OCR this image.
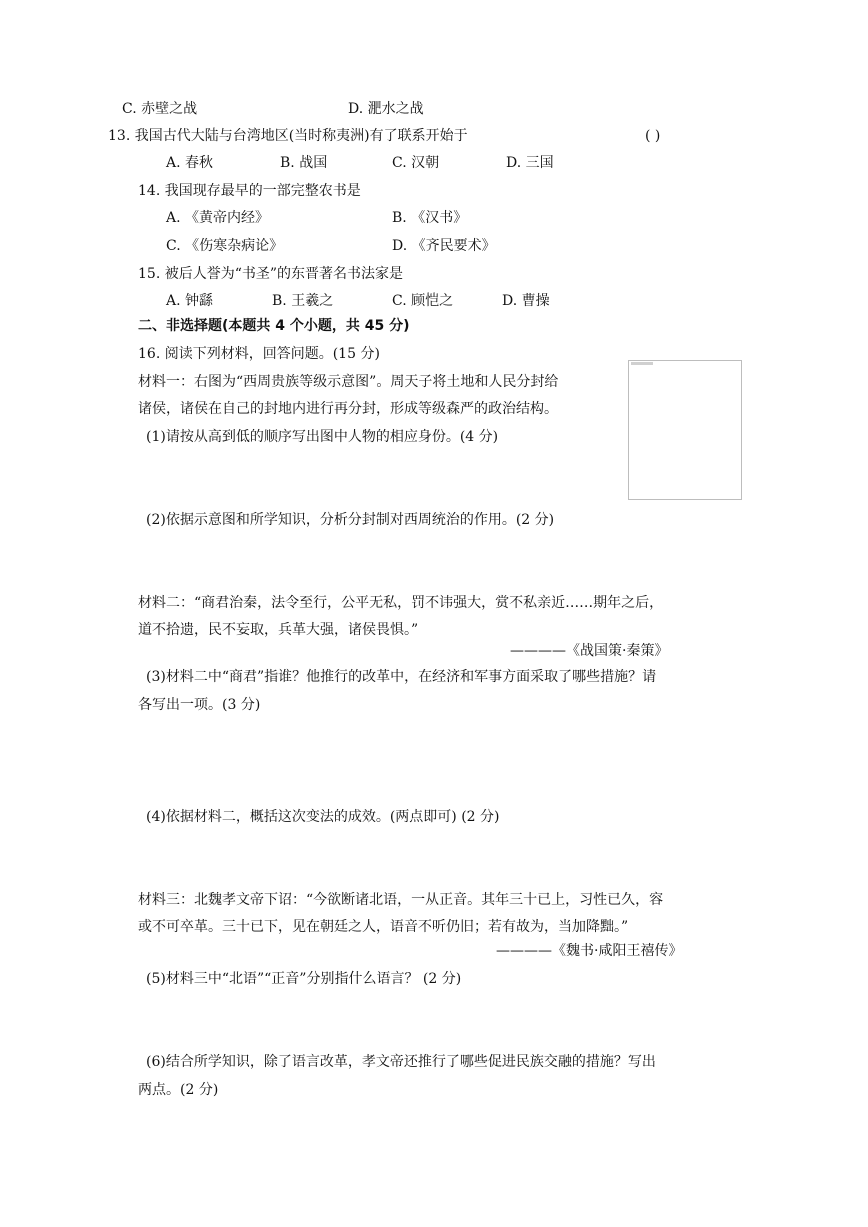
C. 赤壁之战	D. 淝水之战
13. 我国古代大陆与台湾地区(当时称夷洲)有了联系开始于	( )
A. 春秋	B. 战国	C. 汉朝	D. 三国
14. 我国现存最早的一部完整农书是
A. 《黄帝内经》	B. 《汉书》
C. 《伤寒杂病论》	D. 《齐民要术》
15. 被后人誉为“书圣”的东晋著名书法家是
A. 钟繇	B. 王羲之	C. 顾恺之	D. 曹操
二、非选择题(本题共 4 个小题，共 45 分)
16. 阅读下列材料，回答问题。(15 分)
材料一：右图为“西周贵族等级示意图”。周天子将土地和人民分封给
诸侯，诸侯在自己的封地内进行再分封，形成等级森严的政治结构。
(1)请按从高到低的顺序写出图中人物的相应身份。(4 分)
(2)依据示意图和所学知识，分析分封制对西周统治的作用。(2 分)
材料二：“商君治秦，法令至行，公平无私，罚不讳强大，赏不私亲近……期年之后，
道不拾遗，民不妄取，兵革大强，诸侯畏惧。”
————《战国策·秦策》
(3)材料二中“商君”指谁？他推行的改革中，在经济和军事方面采取了哪些措施？请
各写出一项。(3 分)
(4)依据材料二，概括这次变法的成效。(两点即可) (2 分)
材料三：北魏孝文帝下诏：“今欲断诸北语，一从正音。其年三十已上，习性已久，容
或不可卒革。三十已下，见在朝廷之人，语音不听仍旧；若有故为，当加降黜。”
————《魏书·咸阳王禧传》
(5)材料三中“北语”“正音”分别指什么语言？ (2 分)
(6)结合所学知识，除了语言改革，孝文帝还推行了哪些促进民族交融的措施？写出
两点。(2 分)
